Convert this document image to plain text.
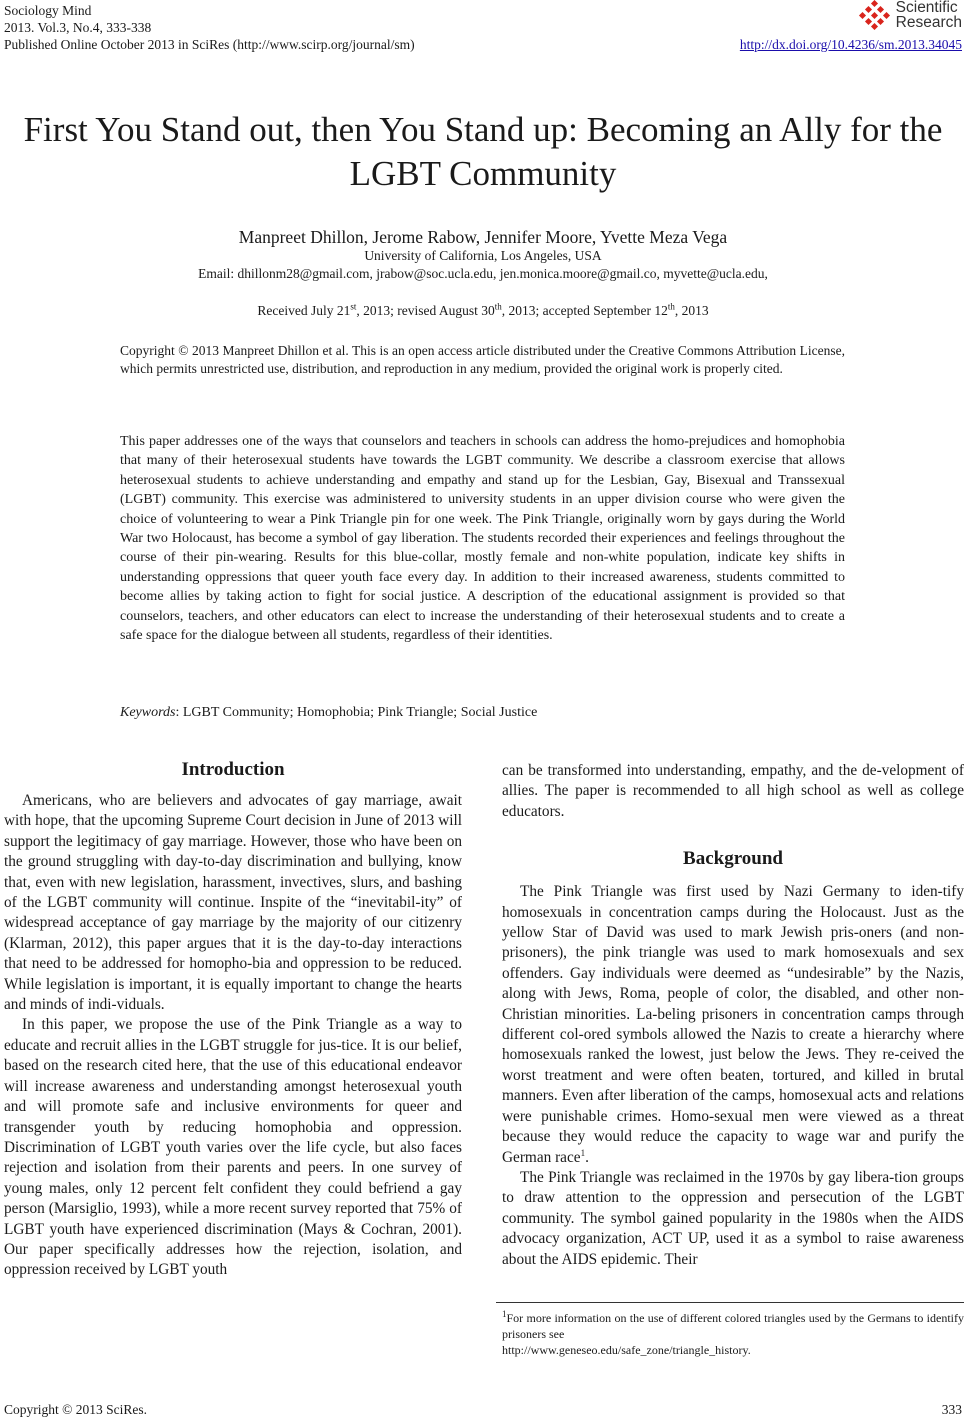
Sociology Mind
2013. Vol.3, No.4, 333-338
Published Online October 2013 in SciRes (http://www.scirp.org/journal/sm)	http://dx.doi.org/10.4236/sm.2013.34045
Scientific
Research
First You Stand out, then You Stand up: Becoming an Ally for the LGBT Community
Manpreet Dhillon, Jerome Rabow, Jennifer Moore, Yvette Meza Vega
University of California, Los Angeles, USA
Email: dhillonm28@gmail.com, jrabow@soc.ucla.edu, jen.monica.moore@gmail.co, myvette@ucla.edu,
Received July 21st, 2013; revised August 30th, 2013; accepted September 12th, 2013
Copyright © 2013 Manpreet Dhillon et al. This is an open access article distributed under the Creative Commons Attribution License, which permits unrestricted use, distribution, and reproduction in any medium, provided the original work is properly cited.
This paper addresses one of the ways that counselors and teachers in schools can address the homo-prejudices and homophobia that many of their heterosexual students have towards the LGBT community. We describe a classroom exercise that allows heterosexual students to achieve understanding and empathy and stand up for the Lesbian, Gay, Bisexual and Transsexual (LGBT) community. This exercise was administered to university students in an upper division course who were given the choice of volunteering to wear a Pink Triangle pin for one week. The Pink Triangle, originally worn by gays during the World War two Holocaust, has become a symbol of gay liberation. The students recorded their experiences and feelings throughout the course of their pin-wearing. Results for this blue-collar, mostly female and non-white population, indicate key shifts in understanding oppressions that queer youth face every day. In addition to their increased awareness, students committed to become allies by taking action to fight for social justice. A description of the educational assignment is provided so that counselors, teachers, and other educators can elect to increase the understanding of their heterosexual students and to create a safe space for the dialogue between all students, regardless of their identities.
Keywords: LGBT Community; Homophobia; Pink Triangle; Social Justice
Introduction

Americans, who are believers and advocates of gay marriage, await with hope, that the upcoming Supreme Court decision in June of 2013 will support the legitimacy of gay marriage. However, those who have been on the ground struggling with day-to-day discrimination and bullying, know that, even with new legislation, harassment, invectives, slurs, and bashing of the LGBT community will continue. Inspite of the “inevitabil-ity” of widespread acceptance of gay marriage by the majority of our citizenry (Klarman, 2012), this paper argues that it is the day-to-day interactions that need to be addressed for homopho-bia and oppression to be reduced. While legislation is important, it is equally important to change the hearts and minds of indi-viduals.

In this paper, we propose the use of the Pink Triangle as a way to educate and recruit allies in the LGBT struggle for jus-tice. It is our belief, based on the research cited here, that the use of this educational endeavor will increase awareness and understanding amongst heterosexual youth and will promote safe and inclusive environments for queer and transgender youth by reducing homophobia and oppression. Discrimination of LGBT youth varies over the life cycle, but also faces rejection and isolation from their parents and peers. In one survey of young males, only 12 percent felt confident they could befriend a gay person (Marsiglio, 1993), while a more recent survey reported that 75% of LGBT youth have experienced discrimination (Mays & Cochran, 2001). Our paper specifically addresses how the rejection, isolation, and oppression received by LGBT youth

can be transformed into understanding, empathy, and the de-velopment of allies. The paper is recommended to all high school as well as college educators.

Background

The Pink Triangle was first used by Nazi Germany to iden-tify homosexuals in concentration camps during the Holocaust. Just as the yellow Star of David was used to mark Jewish pris-oners (and non-prisoners), the pink triangle was used to mark homosexuals and sex offenders. Gay individuals were deemed as “undesirable” by the Nazis, along with Jews, Roma, people of color, the disabled, and other non-Christian minorities. La-beling prisoners in concentration camps through different col-ored symbols allowed the Nazis to create a hierarchy where homosexuals ranked the lowest, just below the Jews. They re-ceived the worst treatment and were often beaten, tortured, and killed in brutal manners. Even after liberation of the camps, homosexual acts and relations were punishable crimes. Homo-sexual men were viewed as a threat because they would reduce the capacity to wage war and purify the German race$^1$.

The Pink Triangle was reclaimed in the 1970s by gay libera-tion groups to draw attention to the oppression and persecution of the LGBT community. The symbol gained popularity in the 1980s when the AIDS advocacy organization, ACT UP, used it as a symbol to raise awareness about the AIDS epidemic. Their

$^1$For more information on the use of different colored triangles used by the Germans to identify prisoners see
http://www.geneseo.edu/safe_zone/triangle_history.
Copyright © 2013 SciRes.	333
